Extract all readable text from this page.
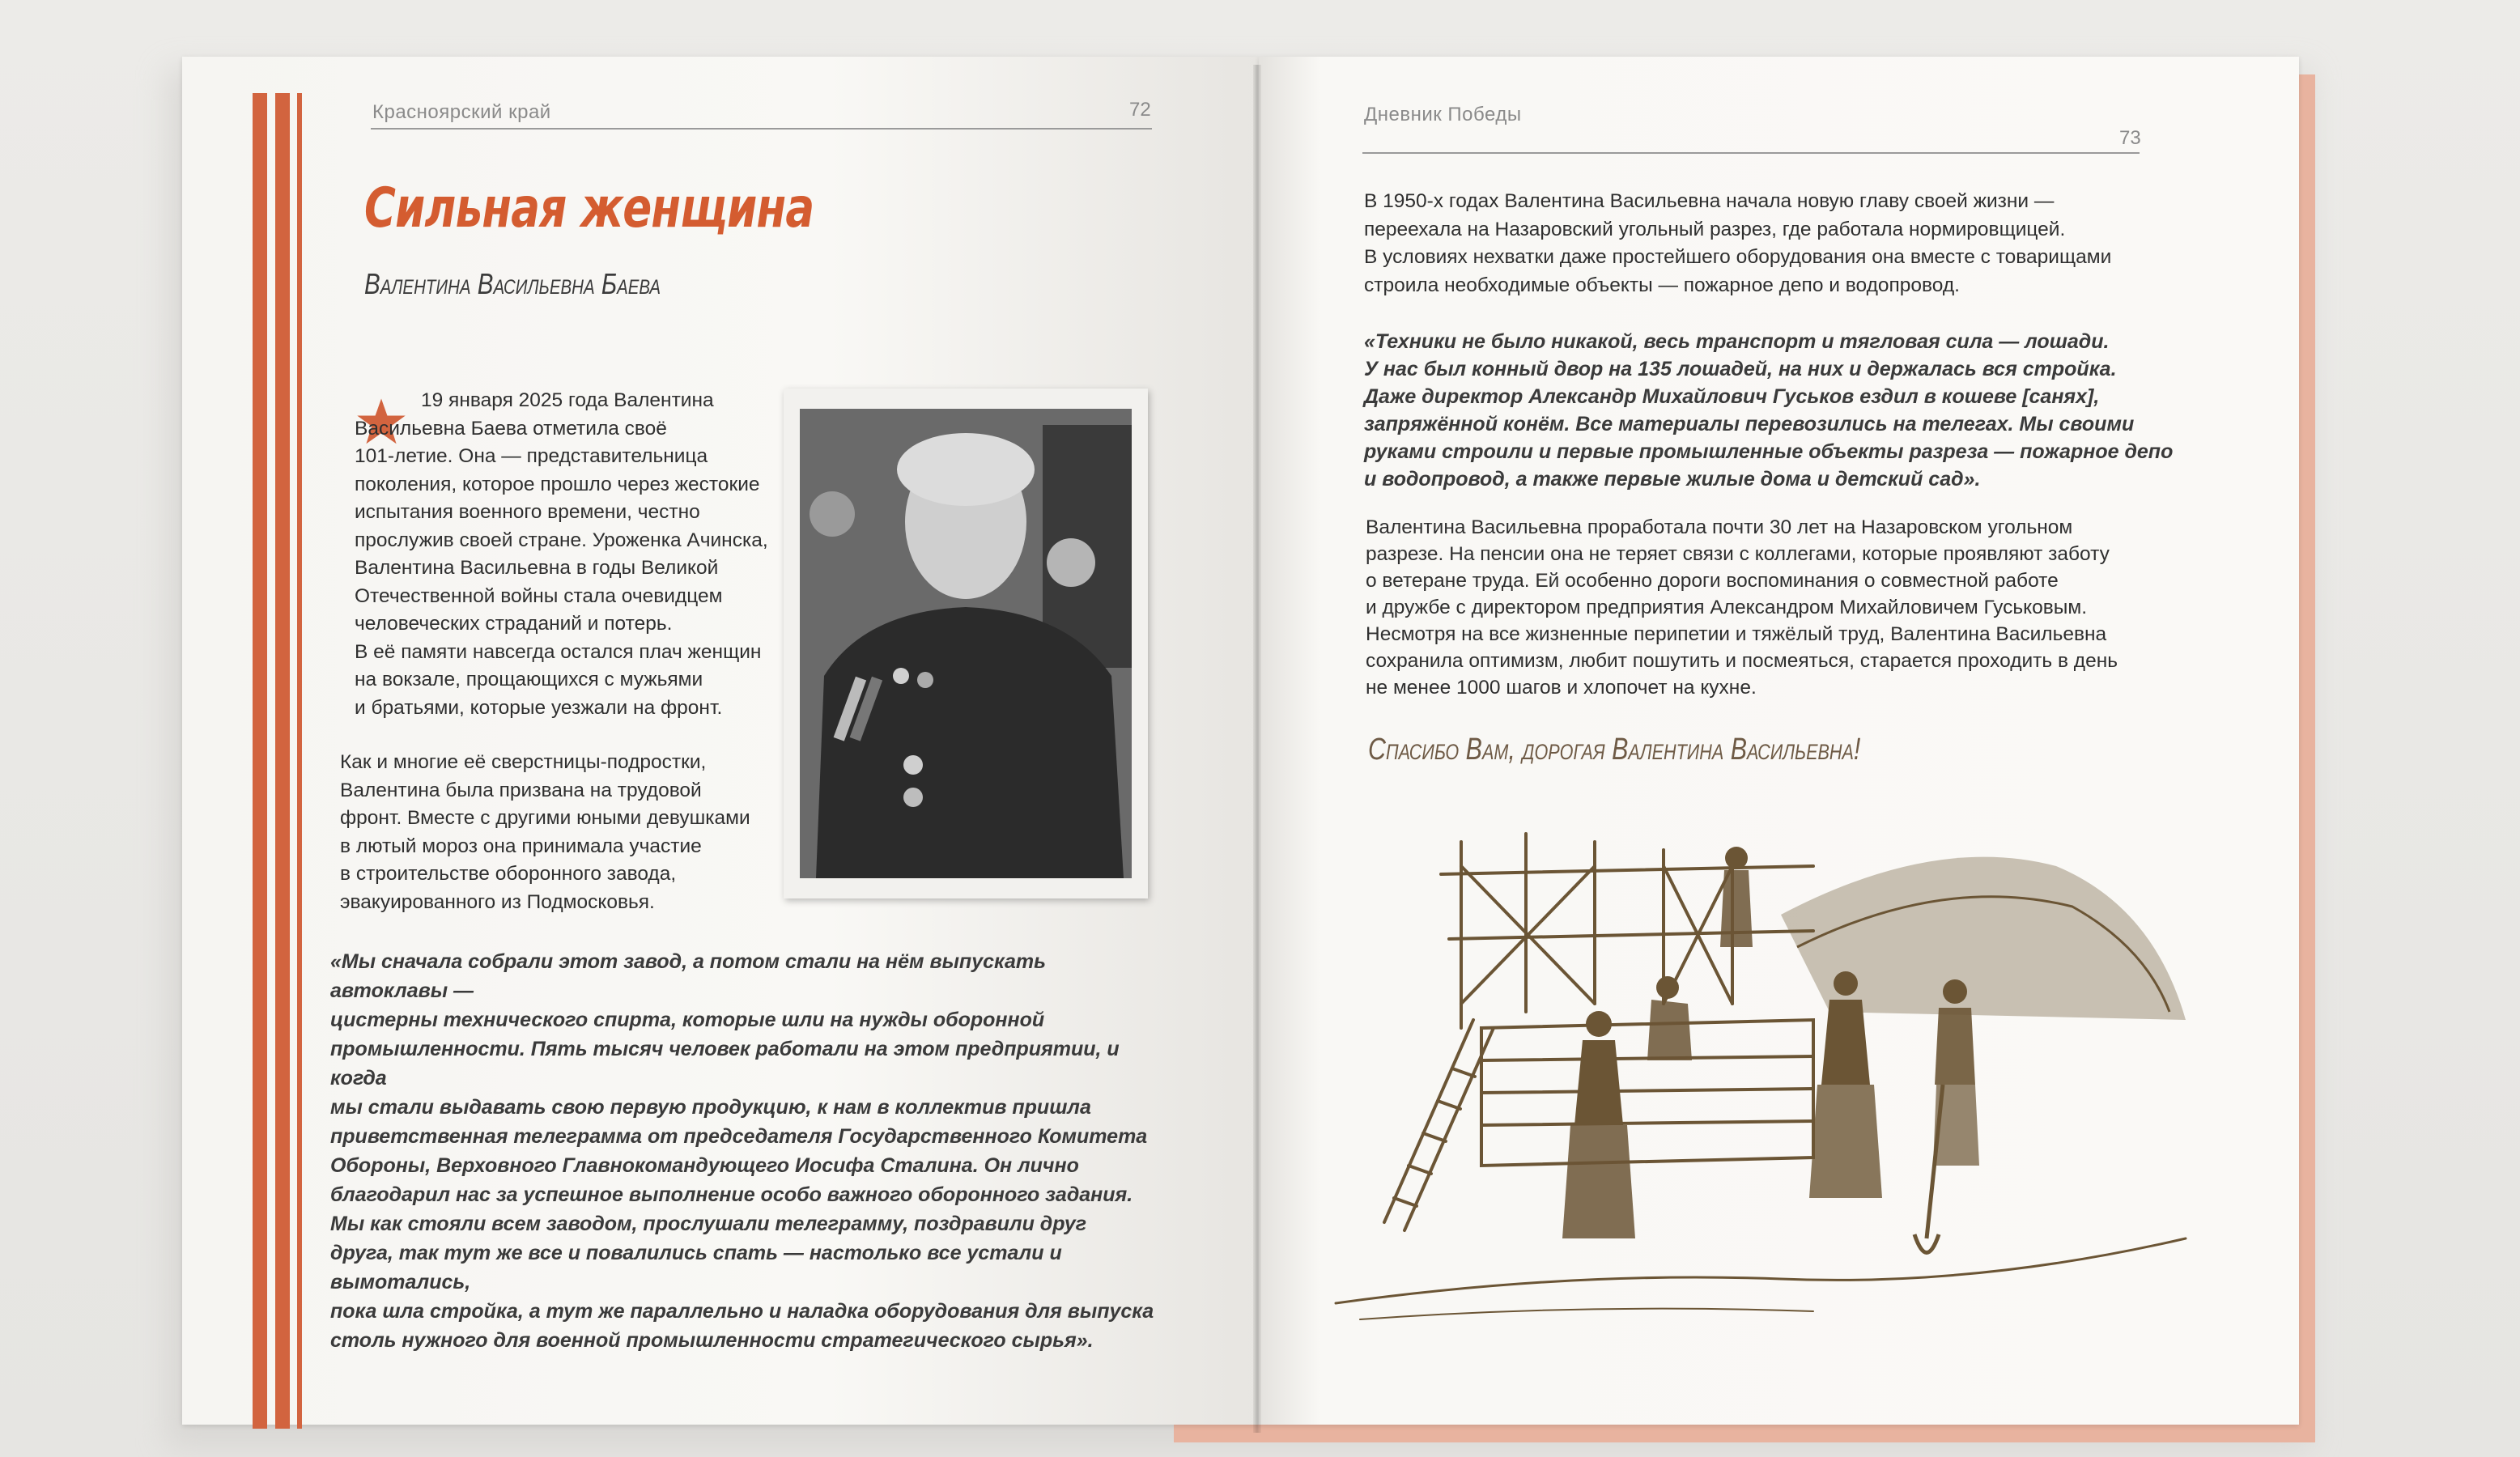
Красноярский край	72
Сильная женщина
Валентина Васильевна Баева
19 января 2025 года Валентина
Васильевна Баева отметила своё
101-летие. Она — представительница
поколения, которое прошло через жестокие
испытания военного времени, честно
прослужив своей стране. Уроженка Ачинска,
Валентина Васильевна в годы Великой
Отечественной войны стала очевидцем
человеческих страданий и потерь.
В её памяти навсегда остался плач женщин
на вокзале, прощающихся с мужьями
и братьями, которые уезжали на фронт.
Как и многие её сверстницы-подростки,
Валентина была призвана на трудовой
фронт. Вместе с другими юными девушками
в лютый мороз она принимала участие
в строительстве оборонного завода,
эвакуированного из Подмосковья.
«Мы сначала собрали этот завод, а потом стали на нём выпускать автоклавы —
цистерны технического спирта, которые шли на нужды оборонной
промышленности. Пять тысяч человек работали на этом предприятии, и когда
мы стали выдавать свою первую продукцию, к нам в коллектив пришла
приветственная телеграмма от председателя Государственного Комитета
Обороны, Верховного Главнокомандующего Иосифа Сталина. Он лично
благодарил нас за успешное выполнение особо важного оборонного задания.
Мы как стояли всем заводом, прослушали телеграмму, поздравили друг
друга, так тут же все и повалились спать — настолько все устали и вымотались,
пока шла стройка, а тут же параллельно и наладка оборудования для выпуска
столь нужного для военной промышленности стратегического сырья».
Дневник Победы
73
В 1950-х годах Валентина Васильевна начала новую главу своей жизни —
переехала на Назаровский угольный разрез, где работала нормировщицей.
В условиях нехватки даже простейшего оборудования она вместе с товарищами
строила необходимые объекты — пожарное депо и водопровод.
«Техники не было никакой, весь транспорт и тягловая сила — лошади.
У нас был конный двор на 135 лошадей, на них и держалась вся стройка.
Даже директор Александр Михайлович Гуськов ездил в кошеве [санях],
запряжённой конём. Все материалы перевозились на телегах. Мы своими
руками строили и первые промышленные объекты разреза — пожарное депо
и водопровод, а также первые жилые дома и детский сад».
Валентина Васильевна проработала почти 30 лет на Назаровском угольном
разрезе. На пенсии она не теряет связи с коллегами, которые проявляют заботу
о ветеране труда. Ей особенно дороги воспоминания о совместной работе
и дружбе с директором предприятия Александром Михайловичем Гуськовым.
Несмотря на все жизненные перипетии и тяжёлый труд, Валентина Васильевна
сохранила оптимизм, любит пошутить и посмеяться, старается проходить в день
не менее 1000 шагов и хлопочет на кухне.
Спасибо Вам, дорогая Валентина Васильевна!
